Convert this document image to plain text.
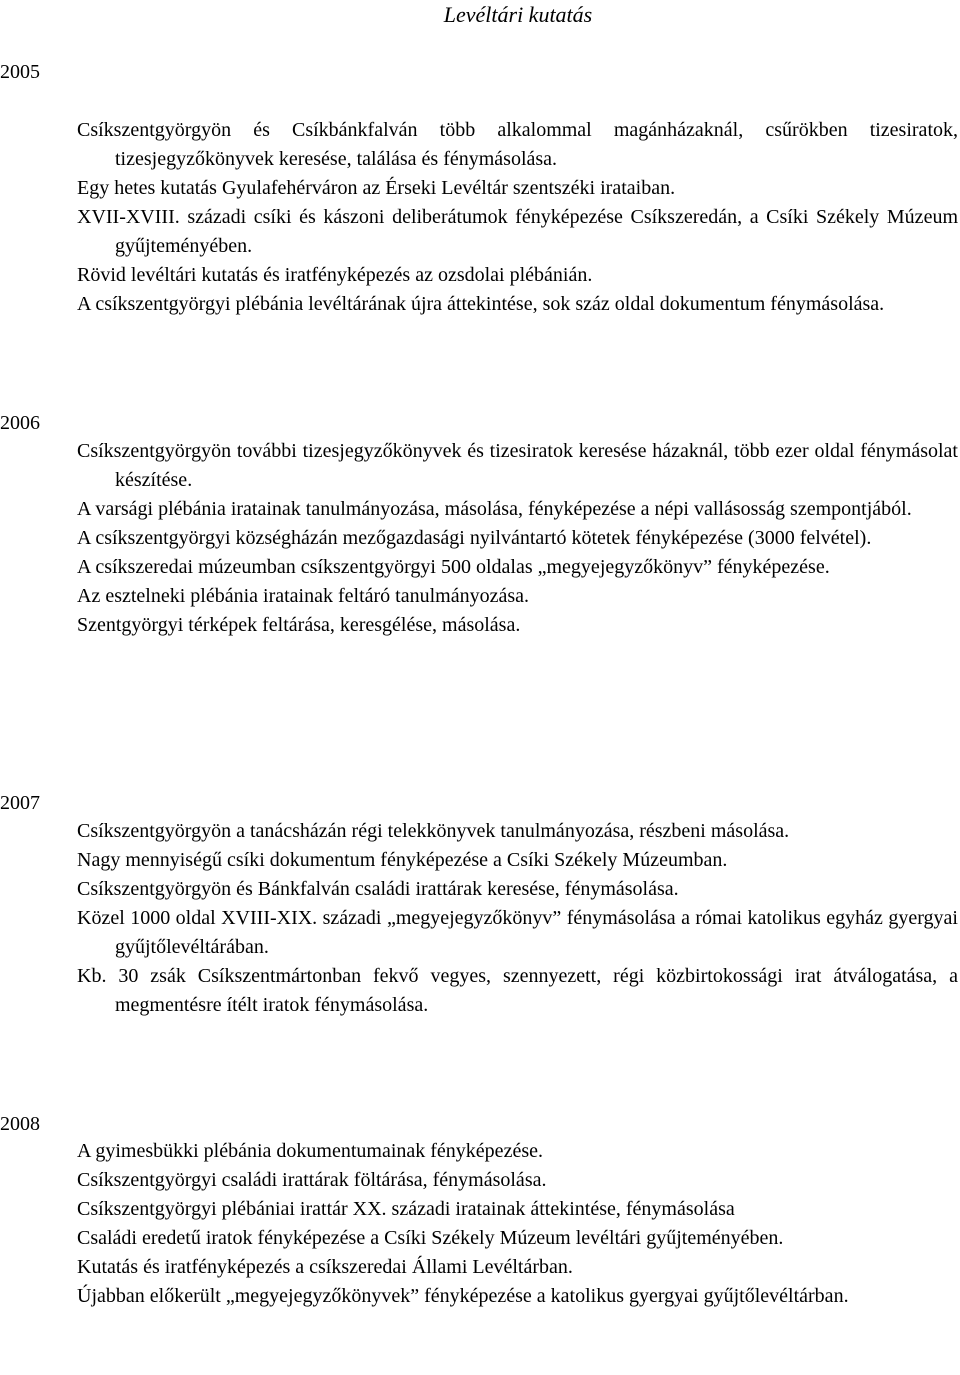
Levéltári kutatás
2005
Csíkszentgyörgyön és Csíkbánkfalván több alkalommal magánházaknál, csűrökben tizesiratok, tizesjegyzőkönyvek keresése, találása és fénymásolása.
Egy hetes kutatás Gyulafehérváron az Érseki Levéltár szentszéki irataiban.
XVII-XVIII. századi csíki és kászoni deliberátumok fényképezése Csíkszeredán, a Csíki Székely Múzeum gyűjteményében.
Rövid levéltári kutatás és iratfényképezés az ozsdolai plébánián.
A csíkszentgyörgyi plébánia levéltárának újra áttekintése, sok száz oldal dokumentum fénymásolása.
2006
Csíkszentgyörgyön további tizesjegyzőkönyvek és tizesiratok keresése házaknál, több ezer oldal fénymásolat készítése.
A varsági plébánia iratainak tanulmányozása, másolása, fényképezése a népi vallásosság szempontjából.
A csíkszentgyörgyi községházán mezőgazdasági nyilvántartó kötetek fényképezése (3000 felvétel).
A csíkszeredai múzeumban csíkszentgyörgyi 500 oldalas „megyejegyzőkönyv” fényképezése.
Az esztelneki plébánia iratainak feltáró tanulmányozása.
Szentgyörgyi térképek feltárása, keresgélése, másolása.
2007
Csíkszentgyörgyön a tanácsházán régi telekkönyvek tanulmányozása, részbeni másolása.
Nagy mennyiségű csíki dokumentum fényképezése a Csíki Székely Múzeumban.
Csíkszentgyörgyön és Bánkfalván családi irattárak keresése, fénymásolása.
Közel 1000 oldal XVIII-XIX. századi „megyejegyzőkönyv” fénymásolása a római katolikus egyház gyergyai gyűjtőlevéltárában.
Kb. 30 zsák Csíkszentmártonban fekvő vegyes, szennyezett, régi közbirtokossági irat átválogatása, a megmentésre ítélt iratok fénymásolása.
2008
A gyimesbükki plébánia dokumentumainak fényképezése.
Csíkszentgyörgyi családi irattárak föltárása, fénymásolása.
Csíkszentgyörgyi plébániai irattár XX. századi iratainak áttekintése, fénymásolása
Családi eredetű iratok fényképezése a Csíki Székely Múzeum levéltári gyűjteményében.
Kutatás és iratfényképezés a csíkszeredai Állami Levéltárban.
Újabban előkerült „megyejegyzőkönyvek” fényképezése a katolikus gyergyai gyűjtőlevéltárban.
